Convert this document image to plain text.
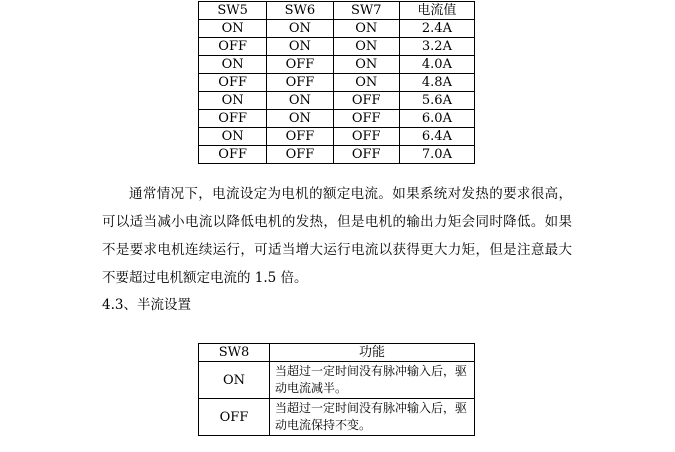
SW5	SW6	SW7	电流值
ON	ON	ON	2.4A
OFF	ON	ON	3.2A
ON	OFF	ON	4.0A
OFF	OFF	ON	4.8A
ON	ON	OFF	5.6A
OFF	ON	OFF	6.0A
ON	OFF	OFF	6.4A
OFF	OFF	OFF	7.0A

通常情况下，电流设定为电机的额定电流。如果系统对发热的要求很高，可以适当减小电流以降低电机的发热，但是电机的输出力矩会同时降低。如果不是要求电机连续运行，可适当增大运行电流以获得更大力矩，但是注意最大不要超过电机额定电流的 1.5 倍。

4.3、半流设置
SW8	功能
ON	当超过一定时间没有脉冲输入后，驱动电流减半。
OFF	当超过一定时间没有脉冲输入后，驱动电流保持不变。
